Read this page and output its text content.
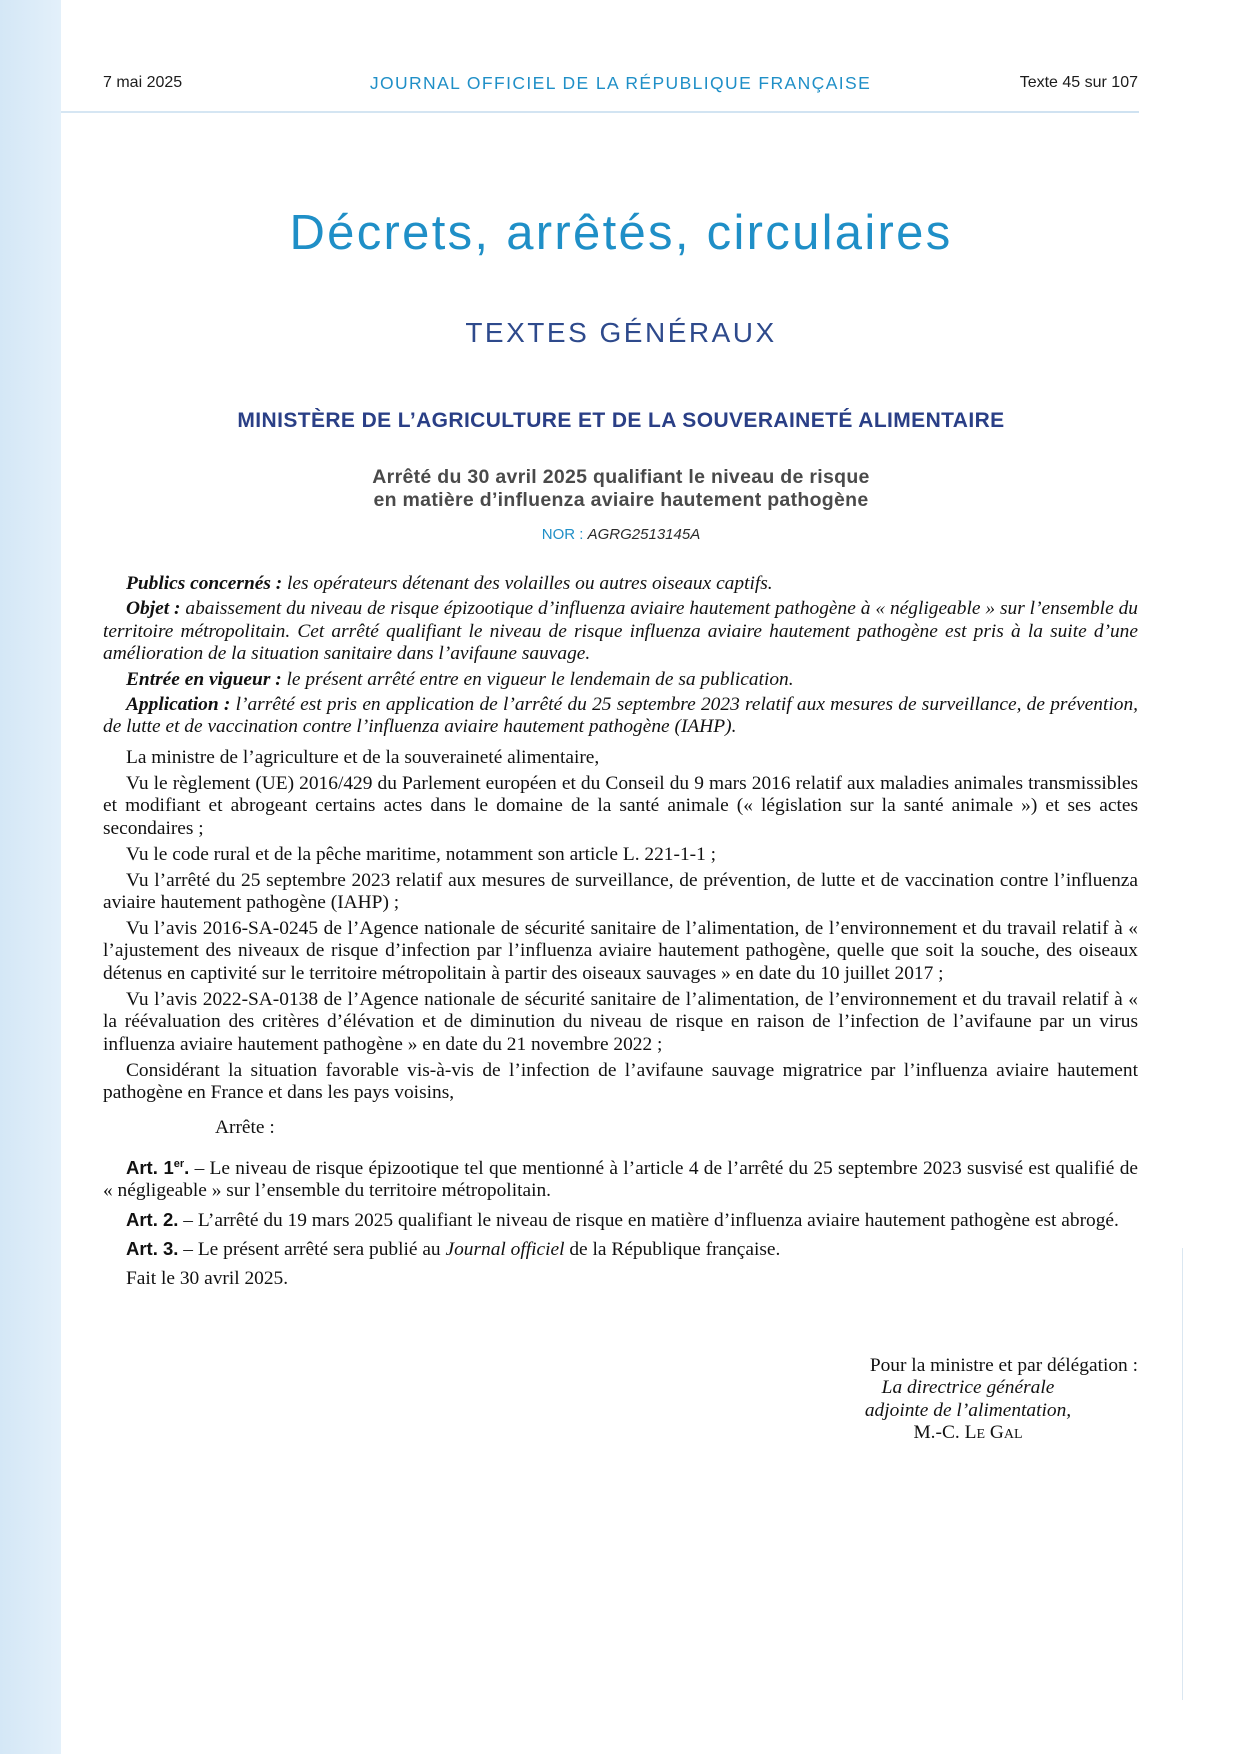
7 mai 2025	JOURNAL OFFICIEL DE LA RÉPUBLIQUE FRANÇAISE	Texte 45 sur 107
Décrets, arrêtés, circulaires
TEXTES GÉNÉRAUX
MINISTÈRE DE L’AGRICULTURE ET DE LA SOUVERAINETÉ ALIMENTAIRE
Arrêté du 30 avril 2025 qualifiant le niveau de risque
en matière d’influenza aviaire hautement pathogène
NOR : AGRG2513145A

Publics concernés : les opérateurs détenant des volailles ou autres oiseaux captifs.

Objet : abaissement du niveau de risque épizootique d’influenza aviaire hautement pathogène à « négligeable » sur l’ensemble du territoire métropolitain. Cet arrêté qualifiant le niveau de risque influenza aviaire hautement pathogène est pris à la suite d’une amélioration de la situation sanitaire dans l’avifaune sauvage.

Entrée en vigueur : le présent arrêté entre en vigueur le lendemain de sa publication.

Application : l’arrêté est pris en application de l’arrêté du 25 septembre 2023 relatif aux mesures de surveillance, de prévention, de lutte et de vaccination contre l’influenza aviaire hautement pathogène (IAHP).

La ministre de l’agriculture et de la souveraineté alimentaire,

Vu le règlement (UE) 2016/429 du Parlement européen et du Conseil du 9 mars 2016 relatif aux maladies animales transmissibles et modifiant et abrogeant certains actes dans le domaine de la santé animale (« législation sur la santé animale ») et ses actes secondaires ;

Vu le code rural et de la pêche maritime, notamment son article L. 221-1-1 ;

Vu l’arrêté du 25 septembre 2023 relatif aux mesures de surveillance, de prévention, de lutte et de vaccination contre l’influenza aviaire hautement pathogène (IAHP) ;

Vu l’avis 2016-SA-0245 de l’Agence nationale de sécurité sanitaire de l’alimentation, de l’environnement et du travail relatif à « l’ajustement des niveaux de risque d’infection par l’influenza aviaire hautement pathogène, quelle que soit la souche, des oiseaux détenus en captivité sur le territoire métropolitain à partir des oiseaux sauvages » en date du 10 juillet 2017 ;

Vu l’avis 2022-SA-0138 de l’Agence nationale de sécurité sanitaire de l’alimentation, de l’environnement et du travail relatif à « la réévaluation des critères d’élévation et de diminution du niveau de risque en raison de l’infection de l’avifaune par un virus influenza aviaire hautement pathogène » en date du 21 novembre 2022 ;

Considérant la situation favorable vis-à-vis de l’infection de l’avifaune sauvage migratrice par l’influenza aviaire hautement pathogène en France et dans les pays voisins,

Arrête :

Art. 1er. – Le niveau de risque épizootique tel que mentionné à l’article 4 de l’arrêté du 25 septembre 2023 susvisé est qualifié de « négligeable » sur l’ensemble du territoire métropolitain.

Art. 2. – L’arrêté du 19 mars 2025 qualifiant le niveau de risque en matière d’influenza aviaire hautement pathogène est abrogé.

Art. 3. – Le présent arrêté sera publié au Journal officiel de la République française.

Fait le 30 avril 2025.

Pour la ministre et par délégation :
La directrice générale
adjointe de l’alimentation,
M.-C. Le Gal
